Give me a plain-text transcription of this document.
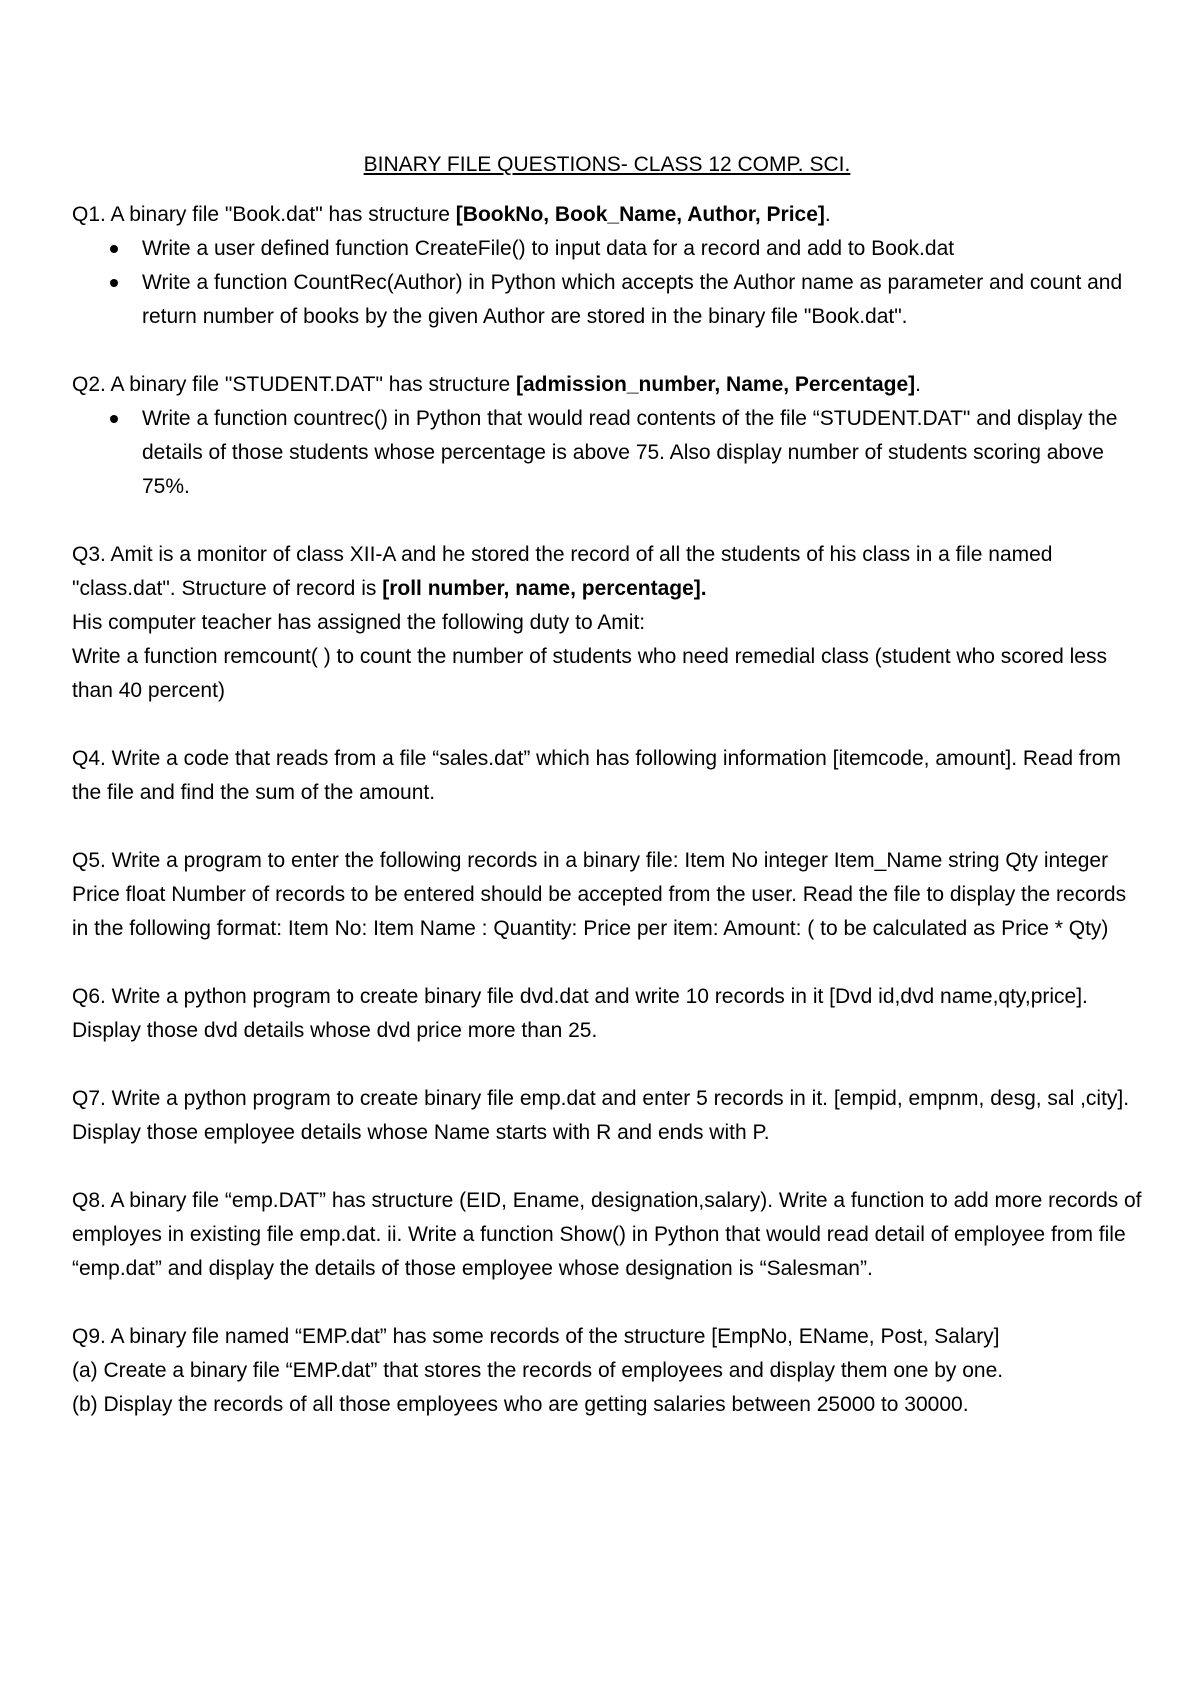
BINARY FILE QUESTIONS- CLASS 12 COMP. SCI.

Q1. A binary file "Book.dat" has structure [BookNo, Book_Name, Author, Price].

Write a user defined function CreateFile() to input data for a record and add to Book.dat
Write a function CountRec(Author) in Python which accepts the Author name as parameter and count and return number of books by the given Author are stored in the binary file "Book.dat".

Q2. A binary file "STUDENT.DAT" has structure [admission_number, Name, Percentage].

Write a function countrec() in Python that would read contents of the file “STUDENT.DAT" and display the details of those students whose percentage is above 75. Also display number of students scoring above 75%.

Q3. Amit is a monitor of class XII-A and he stored the record of all the students of his class in a file named "class.dat". Structure of record is [roll number, name, percentage].

His computer teacher has assigned the following duty to Amit:

Write a function remcount( ) to count the number of students who need remedial class (student who scored less than 40 percent)

Q4. Write a code that reads from a file “sales.dat” which has following information [itemcode, amount]. Read from the file and find the sum of the amount.

Q5. Write a program to enter the following records in a binary file: Item No integer Item_Name string Qty integer Price float Number of records to be entered should be accepted from the user. Read the file to display the records in the following format: Item No: Item Name : Quantity: Price per item: Amount: ( to be calculated as Price * Qty)

Q6. Write a python program to create binary file dvd.dat and write 10 records in it [Dvd id,dvd name,qty,price]. Display those dvd details whose dvd price more than 25.

Q7. Write a python program to create binary file emp.dat and enter 5 records in it. [empid, empnm, desg, sal ,city]. Display those employee details whose Name starts with R and ends with P.

Q8. A binary file “emp.DAT” has structure (EID, Ename, designation,salary). Write a function to add more records of employes in existing file emp.dat. ii. Write a function Show() in Python that would read detail of employee from file “emp.dat” and display the details of those employee whose designation is “Salesman”.

Q9. A binary file named “EMP.dat” has some records of the structure [EmpNo, EName, Post, Salary]

(a) Create a binary file “EMP.dat” that stores the records of employees and display them one by one.

(b) Display the records of all those employees who are getting salaries between 25000 to 30000.
